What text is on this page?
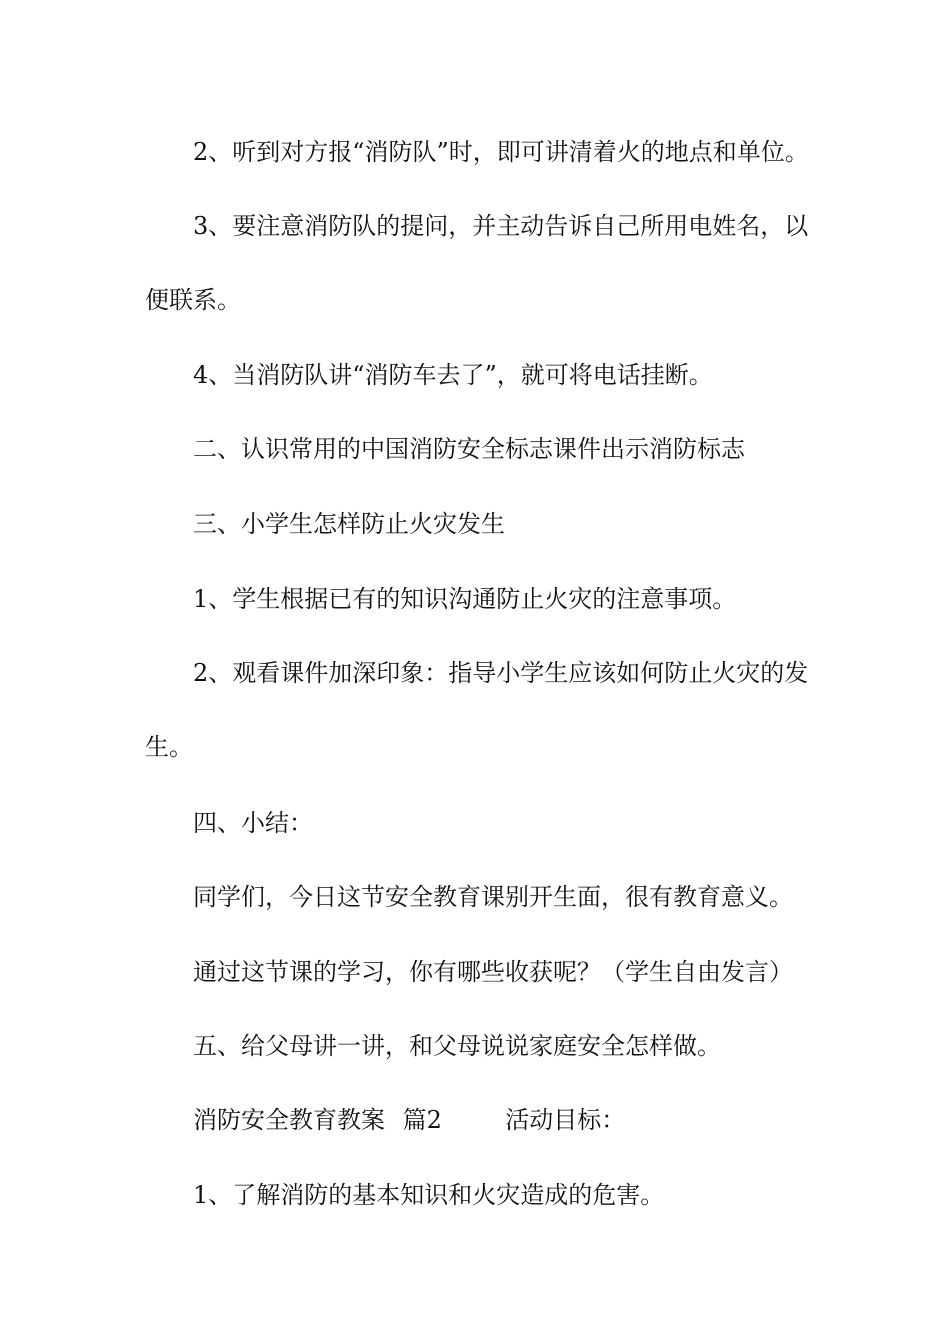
2、听到对方报“消防队”时，即可讲清着火的地点和单位。
3、要注意消防队的提问，并主动告诉自己所用电姓名，以
便联系。
4、当消防队讲“消防车去了”，就可将电话挂断。
二、认识常用的中国消防安全标志课件出示消防标志
三、小学生怎样防止火灾发生
1、学生根据已有的知识沟通防止火灾的注意事项。
2、观看课件加深印象：指导小学生应该如何防止火灾的发
生。
四、小结：
同学们，今日这节安全教育课别开生面，很有教育意义。
通过这节课的学习，你有哪些收获呢？（学生自由发言）
五、给父母讲一讲，和父母说说家庭安全怎样做。
消防安全教育教案 篇2	活动目标：
1、了解消防的基本知识和火灾造成的危害。
